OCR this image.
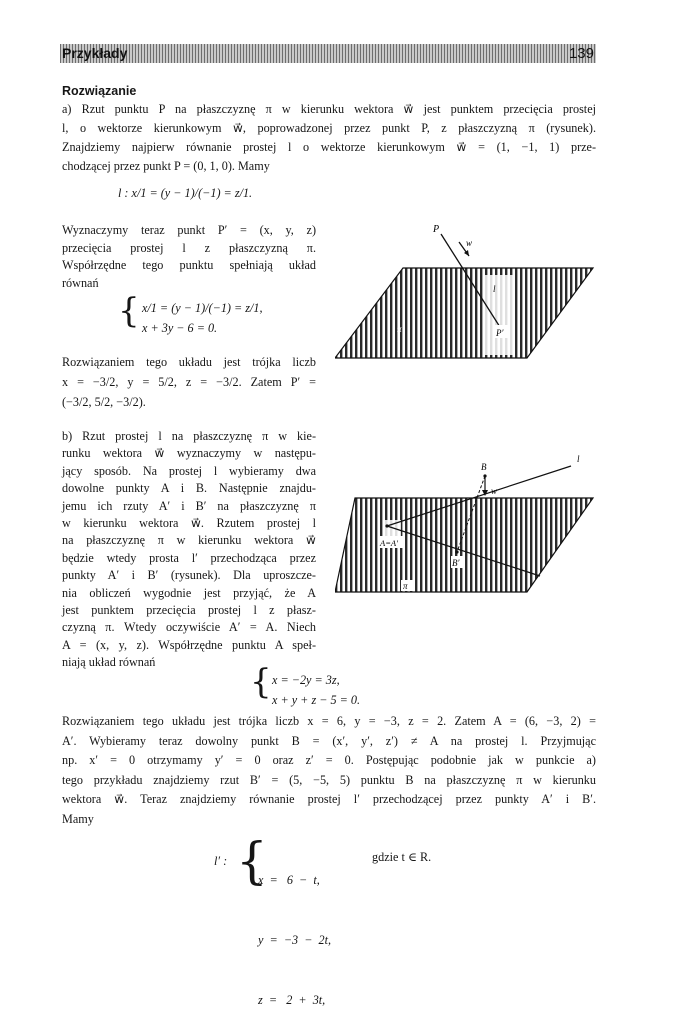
Przykłady	139
Rozwiązanie
a) Rzut punktu P na płaszczyznę π w kierunku wektora w⃗ jest punktem przecięcia prostej
l, o wektorze kierunkowym w⃗, poprowadzonej przez punkt P, z płaszczyzną π (rysunek).
Znajdziemy najpierw równanie prostej l o wektorze kierunkowym w⃗ = (1, −1, 1) prze-
chodzącej przez punkt P = (0, 1, 0). Mamy
l : x/1 = (y − 1)/(−1) = z/1.
Wyznaczymy teraz punkt P′ = (x, y, z)
przecięcia prostej l z płaszczyzną π.
Współrzędne tego punktu spełniają układ
równań
{ x/1 = (y − 1)/(−1) = z/1,
x + 3y − 6 = 0.
Rozwiązaniem tego układu jest trójka liczb
x = −3/2, y = 5/2, z = −3/2. Zatem P′ =
(−3/2, 5/2, −3/2).
b) Rzut prostej l na płaszczyznę π w kie-
runku wektora w⃗ wyznaczymy w następu-
jący sposób. Na prostej l wybieramy dwa
dowolne punkty A i B. Następnie znajdu-
jemu ich rzuty A′ i B′ na płaszczyznę π
w kierunku wektora w⃗. Rzutem prostej l
na płaszczyznę π w kierunku wektora w⃗
będzie wtedy prosta l′ przechodząca przez
punkty A′ i B′ (rysunek). Dla uproszcze-
nia obliczeń wygodnie jest przyjąć, że A
jest punktem przecięcia prostej l z płasz-
czyzną π. Wtedy oczywiście A′ = A. Niech
A = (x, y, z). Współrzędne punktu A speł-
niają układ równań	{ x = −2y = 3z,
x + y + z − 5 = 0.
Rozwiązaniem tego układu jest trójka liczb x = 6, y = −3, z = 2. Zatem A = (6, −3, 2) =
A′. Wybieramy teraz dowolny punkt B = (x′, y′, z′) ≠ A na prostej l. Przyjmując
np. x′ = 0 otrzymamy y′ = 0 oraz z′ = 0. Postępując podobnie jak w punkcie a)
tego przykładu znajdziemy rzut B′ = (5, −5, 5) punktu B na płaszczyznę π w kierunku
wektora w⃗. Teraz znajdziemy równanie prostej l′ przechodzącej przez punkty A′ i B′.
Mamy
l′ : {

x  =   6  −  t,

y  =  −3  −  2t,

z  =   2  +  3t,

gdzie t ∈ R.
P
w⃗
l
π	P′
l
B
w⃗
A=A′
B′
π
